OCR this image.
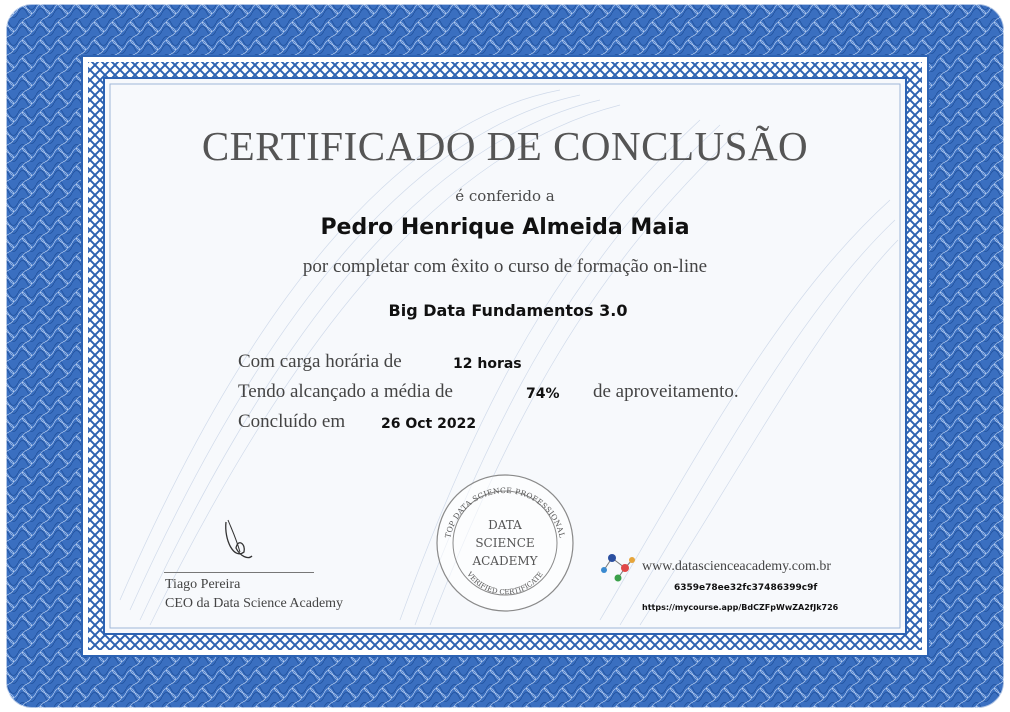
TOP DATA SCIENCE PROFESSIONAL
VERIFIED CERTIFICATE
DATA
SCIENCE
ACADEMY
CERTIFICADO DE CONCLUSÃO
é conferido a
Pedro Henrique Almeida Maia
por completar com êxito o curso de formação on-line
Big Data Fundamentos 3.0
Com carga horária de	12 horas
Tendo alcançado a média de	74% de aproveitamento.
Concluído em	26 Oct 2022
Tiago Pereira
CEO da Data Science Academy
www.datascienceacademy.com.br
6359e78ee32fc37486399c9f
https://mycourse.app/BdCZFpWwZA2fJk726
